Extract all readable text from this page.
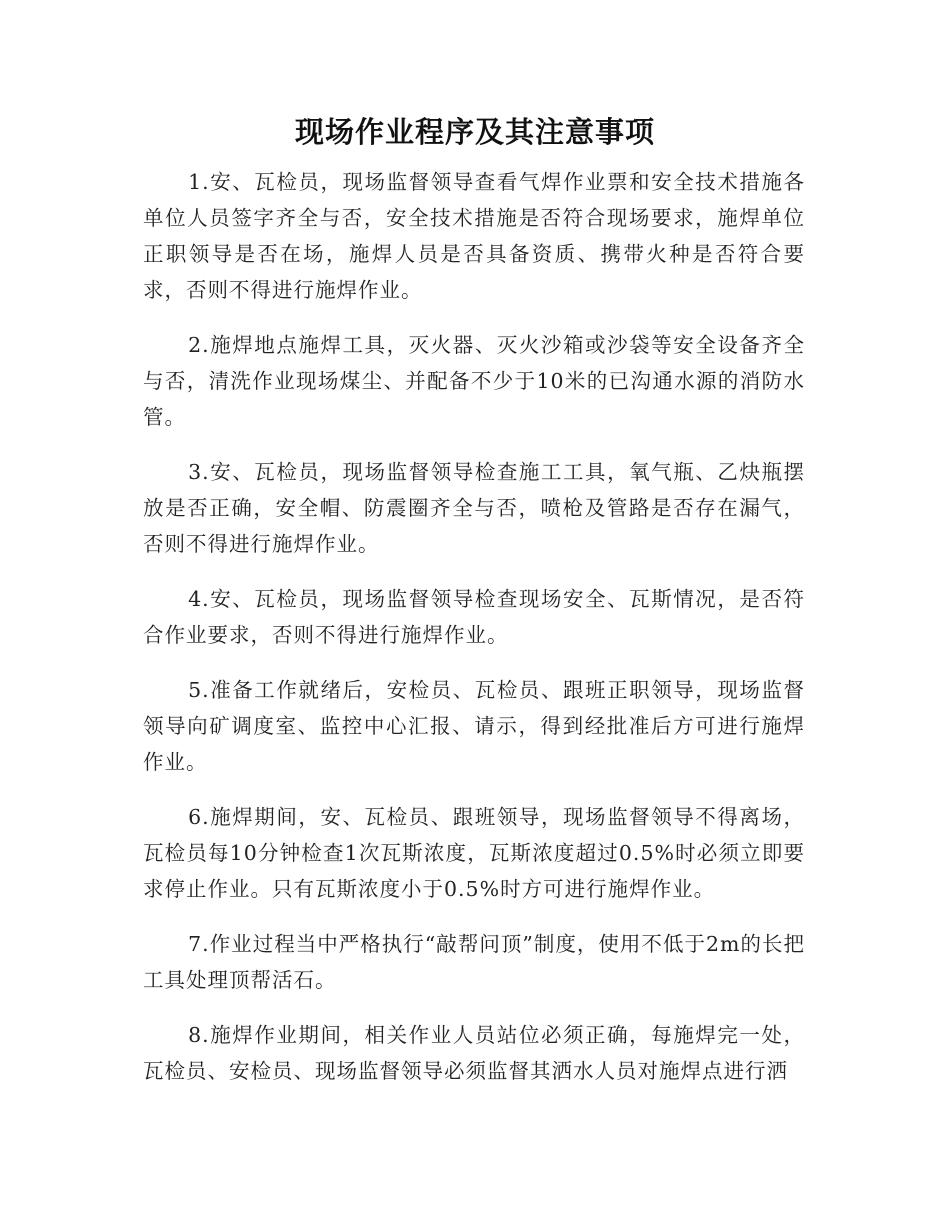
现场作业程序及其注意事项

1.安、瓦检员，现场监督领导查看气焊作业票和安全技术措施各单位人员签字齐全与否，安全技术措施是否符合现场要求，施焊单位正职领导是否在场，施焊人员是否具备资质、携带火种是否符合要求，否则不得进行施焊作业。

2.施焊地点施焊工具，灭火器、灭火沙箱或沙袋等安全设备齐全与否，清洗作业现场煤尘、并配备不少于10米的已沟通水源的消防水管。

3.安、瓦检员，现场监督领导检查施工工具，氧气瓶、乙炔瓶摆放是否正确，安全帽、防震圈齐全与否，喷枪及管路是否存在漏气，否则不得进行施焊作业。

4.安、瓦检员，现场监督领导检查现场安全、瓦斯情况，是否符合作业要求，否则不得进行施焊作业。

5.准备工作就绪后，安检员、瓦检员、跟班正职领导，现场监督领导向矿调度室、监控中心汇报、请示，得到经批准后方可进行施焊作业。

6.施焊期间，安、瓦检员、跟班领导，现场监督领导不得离场，瓦检员每10分钟检查1次瓦斯浓度，瓦斯浓度超过0.5%时必须立即要求停止作业。只有瓦斯浓度小于0.5%时方可进行施焊作业。

7.作业过程当中严格执行“敲帮问顶”制度，使用不低于2m的长把工具处理顶帮活石。

8.施焊作业期间，相关作业人员站位必须正确，每施焊完一处，瓦检员、安检员、现场监督领导必须监督其洒水人员对施焊点进行洒
